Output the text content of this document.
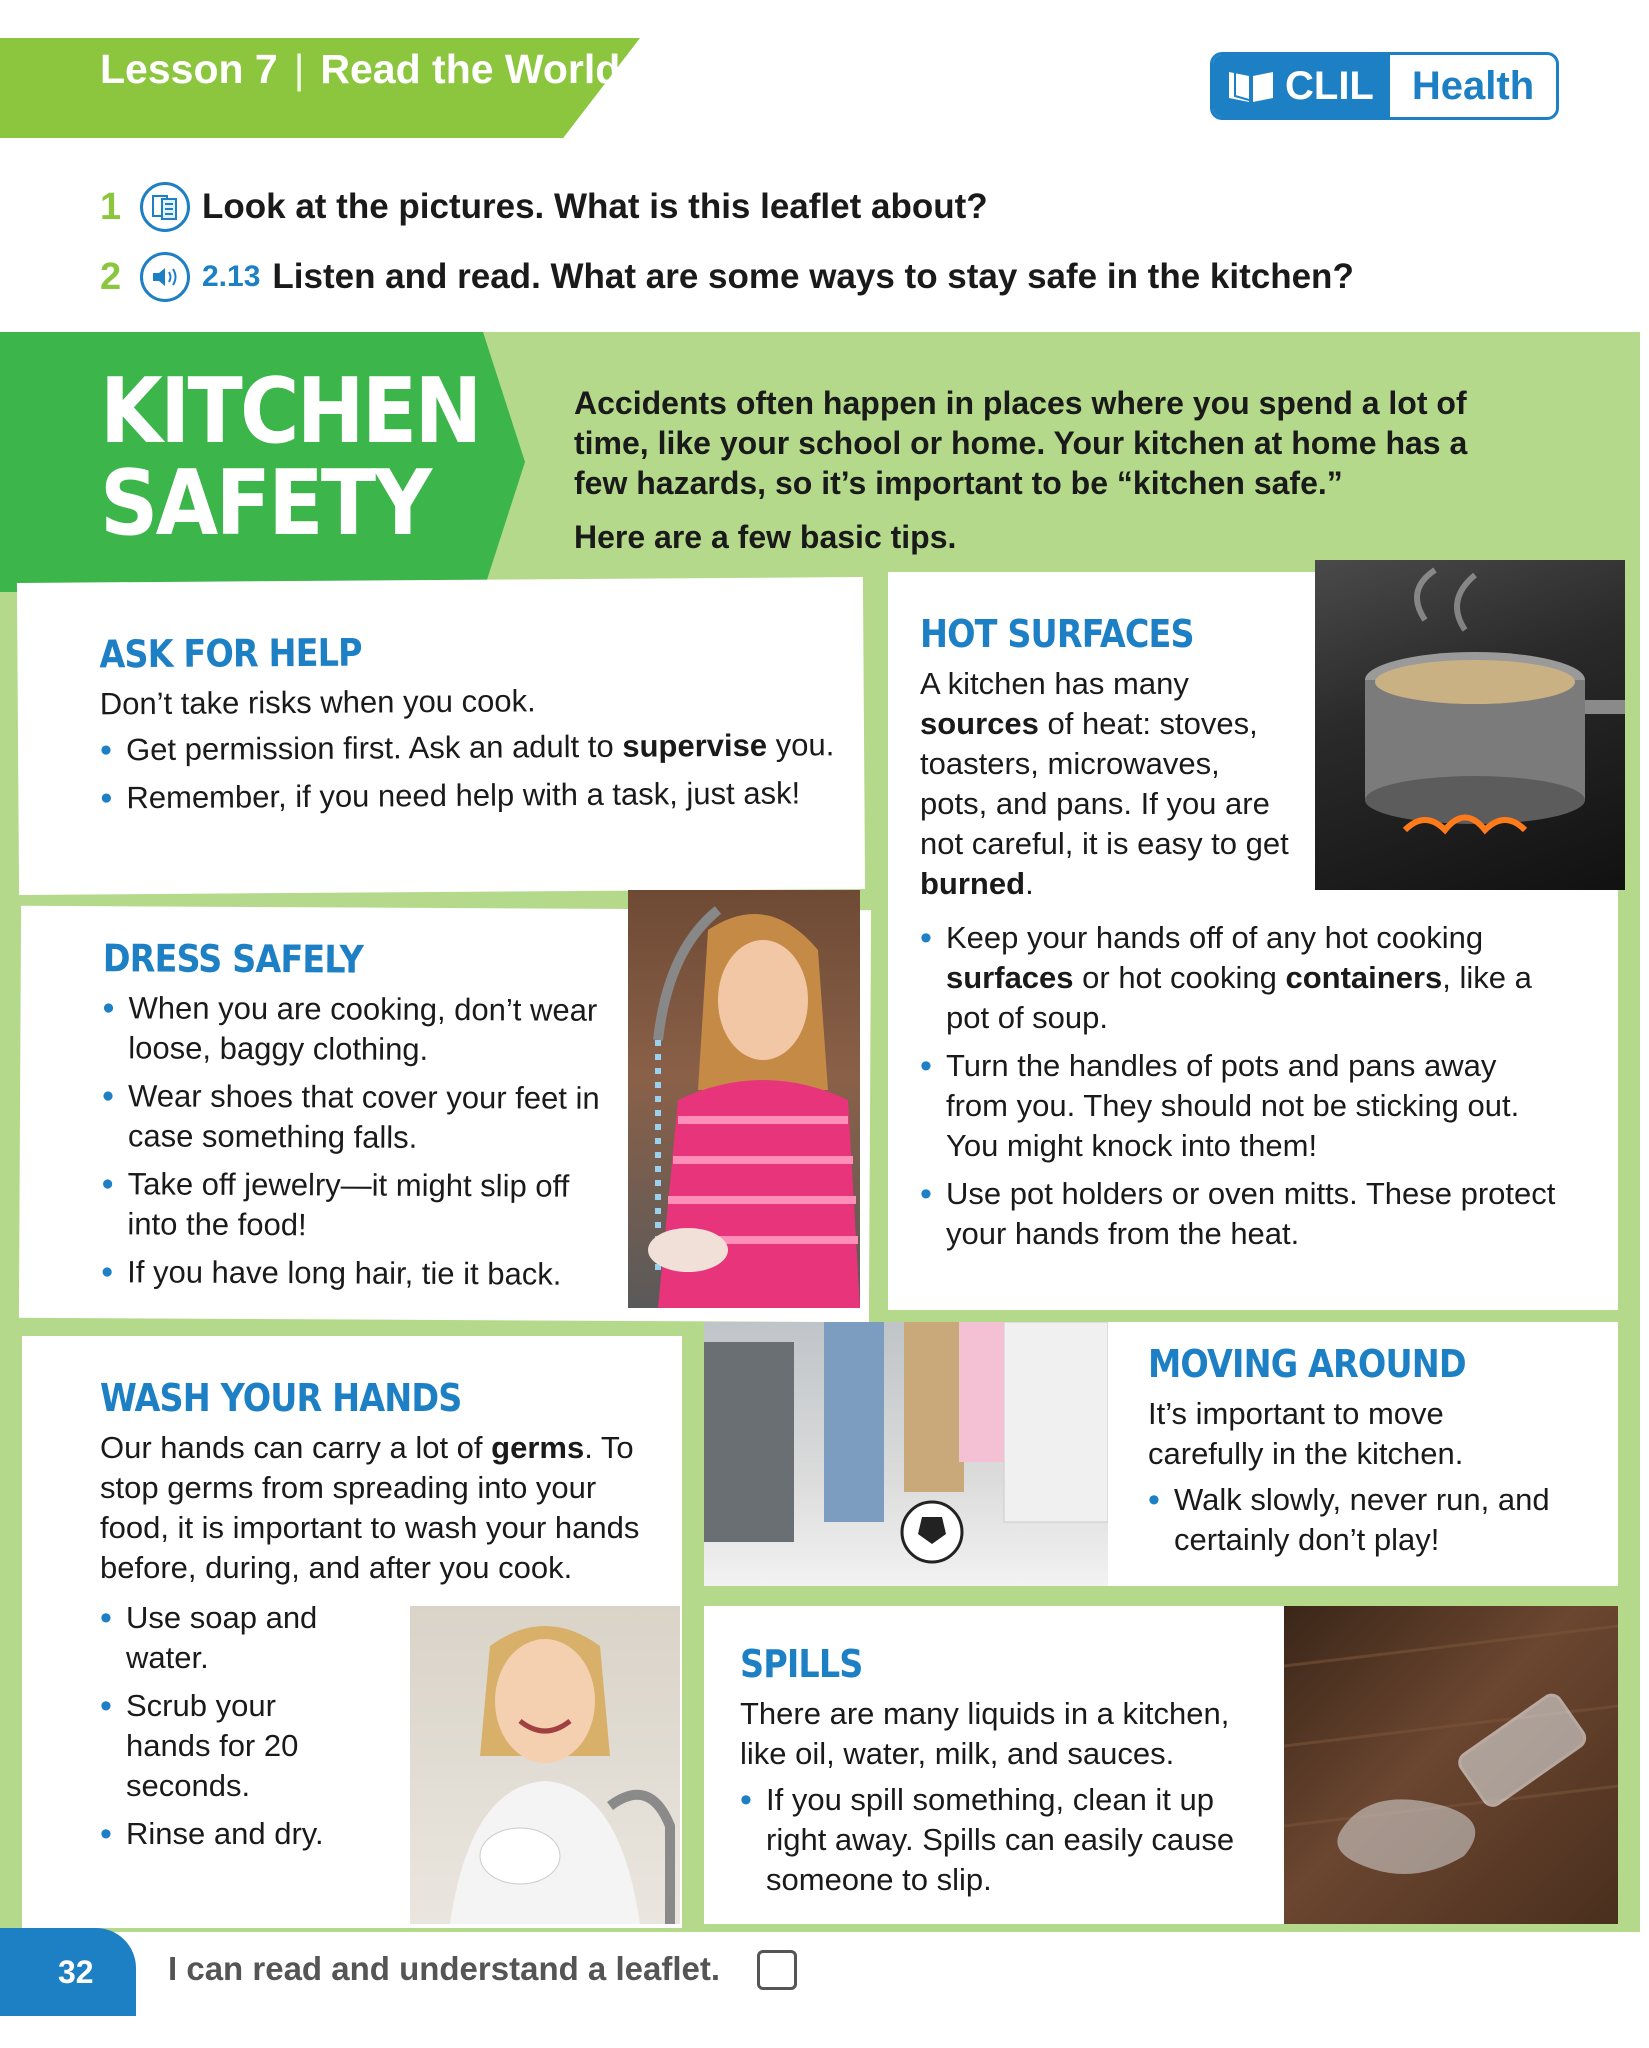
Lesson 7 | Read the World	CLIL Health
1	Look at the pictures. What is this leaflet about?
2	2.13 Listen and read. What are some ways to stay safe in the kitchen?
KITCHEN
SAFETY

Accidents often happen in places where you spend a lot of time, like your school or home. Your kitchen at home has a few hazards, so it’s important to be “kitchen safe.”

Here are a few basic tips.

ASK FOR HELP
Don’t take risks when you cook.
• Get permission first. Ask an adult to supervise you.
• Remember, if you need help with a task, just ask!
HOT SURFACES
A kitchen has many sources of heat: stoves, toasters, microwaves, pots, and pans. If you are not careful, it is easy to get burned.
• Keep your hands off of any hot cooking surfaces or hot cooking containers, like a pot of soup.
• Turn the handles of pots and pans away from you. They should not be sticking out. You might knock into them!
• Use pot holders or oven mitts. These protect your hands from the heat.
DRESS SAFELY
• When you are cooking, don’t wear loose, baggy clothing.
• Wear shoes that cover your feet in case something falls.
• Take off jewelry—it might slip off into the food!
• If you have long hair, tie it back.
WASH YOUR HANDS
Our hands can carry a lot of germs. To stop germs from spreading into your food, it is important to wash your hands before, during, and after you cook.
• Use soap and water.
• Scrub your hands for 20 seconds.
• Rinse and dry.
MOVING AROUND
It’s important to move carefully in the kitchen.
• Walk slowly, never run, and certainly don’t play!
SPILLS
There are many liquids in a kitchen, like oil, water, milk, and sauces.
• If you spill something, clean it up right away. Spills can easily cause someone to slip.
32	I can read and understand a leaflet.
